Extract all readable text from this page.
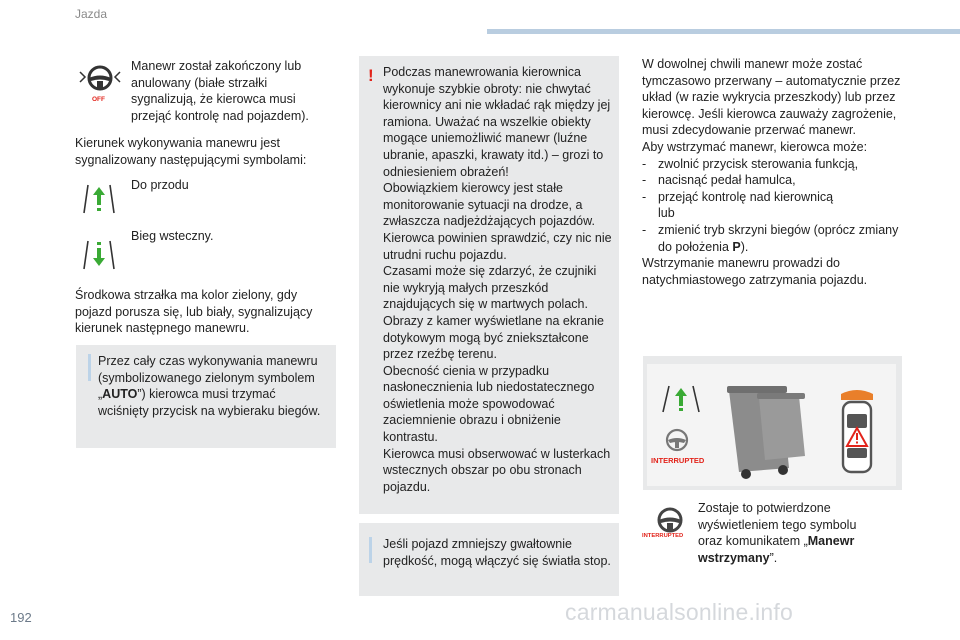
Jazda
OFF
Manewr został zakończony lub anulowany (białe strzałki sygnalizują, że kierowca musi przejąć kontrolę nad pojazdem).
Kierunek wykonywania manewru jest sygnalizowany następującymi symbolami:
Do przodu
Bieg wsteczny.
Środkowa strzałka ma kolor zielony, gdy pojazd porusza się, lub biały, sygnalizujący kierunek następnego manewru.
Przez cały czas wykonywania manewru (symbolizowanego zielonym symbolem „AUTO”) kierowca musi trzymać wciśnięty przycisk na wybieraku biegów.
! Podczas manewrowania kierownica wykonuje szybkie obroty: nie chwytać kierownicy ani nie wkładać rąk między jej ramiona. Uważać na wszelkie obiekty mogące uniemożliwić manewr (luźne ubranie, apaszki, krawaty itd.) – grozi to odniesieniem obrażeń!
Obowiązkiem kierowcy jest stałe monitorowanie sytuacji na drodze, a zwłaszcza nadjeżdżających pojazdów.
Kierowca powinien sprawdzić, czy nic nie utrudni ruchu pojazdu.
Czasami może się zdarzyć, że czujniki nie wykryją małych przeszkód znajdujących się w martwych polach.
Obrazy z kamer wyświetlane na ekranie dotykowym mogą być zniekształcone przez rzeźbę terenu.
Obecność cienia w przypadku nasłonecznienia lub niedostatecznego oświetlenia może spowodować zaciemnienie obrazu i obniżenie kontrastu.
Kierowca musi obserwować w lusterkach wstecznych obszar po obu stronach pojazdu.
Jeśli pojazd zmniejszy gwałtownie prędkość, mogą włączyć się światła stop.
W dowolnej chwili manewr może zostać tymczasowo przerwany – automatycznie przez układ (w razie wykrycia przeszkody) lub przez kierowcę. Jeśli kierowca zauważy zagrożenie, musi zdecydowanie przerwać manewr.
Aby wstrzymać manewr, kierowca może:
- zwolnić przycisk sterowania funkcją,
- nacisnąć pedał hamulca,
- przejąć kontrolę nad kierownicą
lub
- zmienić tryb skrzyni biegów (oprócz zmiany do położenia P).
Wstrzymanie manewru prowadzi do natychmiastowego zatrzymania pojazdu.
INTERRUPTED
INTERRUPTED
Zostaje to potwierdzone wyświetleniem tego symbolu oraz komunikatem „Manewr wstrzymany”.
192	carmanualsonline.info
